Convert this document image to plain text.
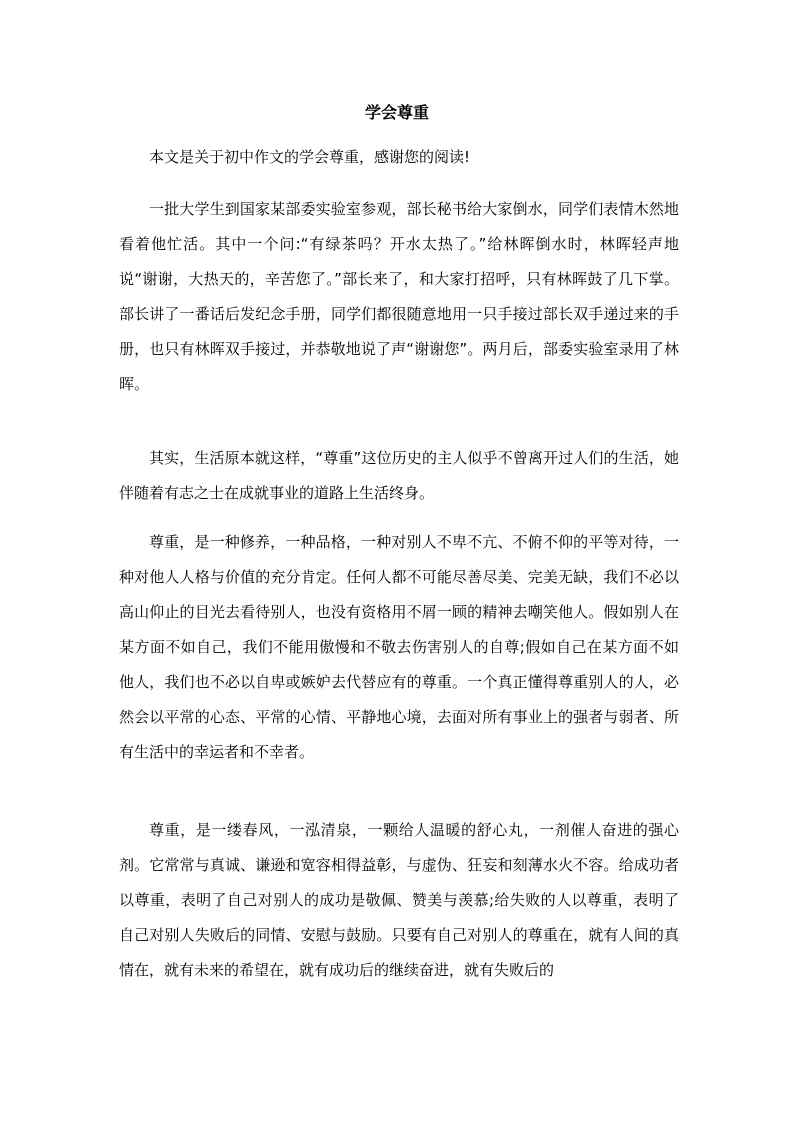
学会尊重

本文是关于初中作文的学会尊重，感谢您的阅读!

一批大学生到国家某部委实验室参观，部长秘书给大家倒水，同学们表情木然地看着他忙活。其中一个问:“有绿茶吗？开水太热了。”给林晖倒水时，林晖轻声地说“谢谢，大热天的，辛苦您了。”部长来了，和大家打招呼，只有林晖鼓了几下掌。部长讲了一番话后发纪念手册，同学们都很随意地用一只手接过部长双手递过来的手册，也只有林晖双手接过，并恭敬地说了声“谢谢您”。两月后，部委实验室录用了林晖。

其实，生活原本就这样，“尊重”这位历史的主人似乎不曾离开过人们的生活，她伴随着有志之士在成就事业的道路上生活终身。

尊重，是一种修养，一种品格，一种对别人不卑不亢、不俯不仰的平等对待，一种对他人人格与价值的充分肯定。任何人都不可能尽善尽美、完美无缺，我们不必以高山仰止的目光去看待别人，也没有资格用不屑一顾的精神去嘲笑他人。假如别人在某方面不如自己，我们不能用傲慢和不敬去伤害别人的自尊;假如自己在某方面不如他人，我们也不必以自卑或嫉妒去代替应有的尊重。一个真正懂得尊重别人的人，必然会以平常的心态、平常的心情、平静地心境，去面对所有事业上的强者与弱者、所有生活中的幸运者和不幸者。

尊重，是一缕春风，一泓清泉，一颗给人温暖的舒心丸，一剂催人奋进的强心剂。它常常与真诚、谦逊和宽容相得益彰，与虚伪、狂妄和刻薄水火不容。给成功者以尊重，表明了自己对别人的成功是敬佩、赞美与羡慕;给失败的人以尊重，表明了自己对别人失败后的同情、安慰与鼓励。只要有自己对别人的尊重在，就有人间的真情在，就有未来的希望在，就有成功后的继续奋进，就有失败后的
